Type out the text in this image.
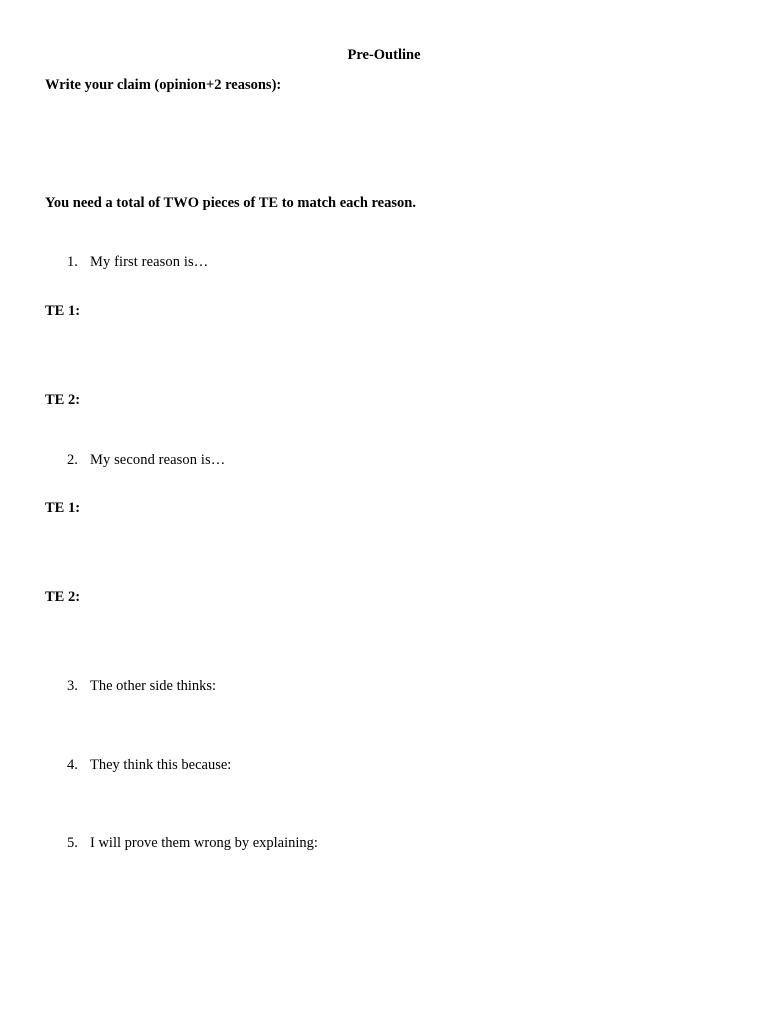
Pre-Outline
Write your claim (opinion+2 reasons):
You need a total of TWO pieces of TE to match each reason.
1. My first reason is…
TE 1:
TE 2:
2. My second reason is…
TE 1:
TE 2:
3. The other side thinks:
4. They think this because:
5. I will prove them wrong by explaining:
